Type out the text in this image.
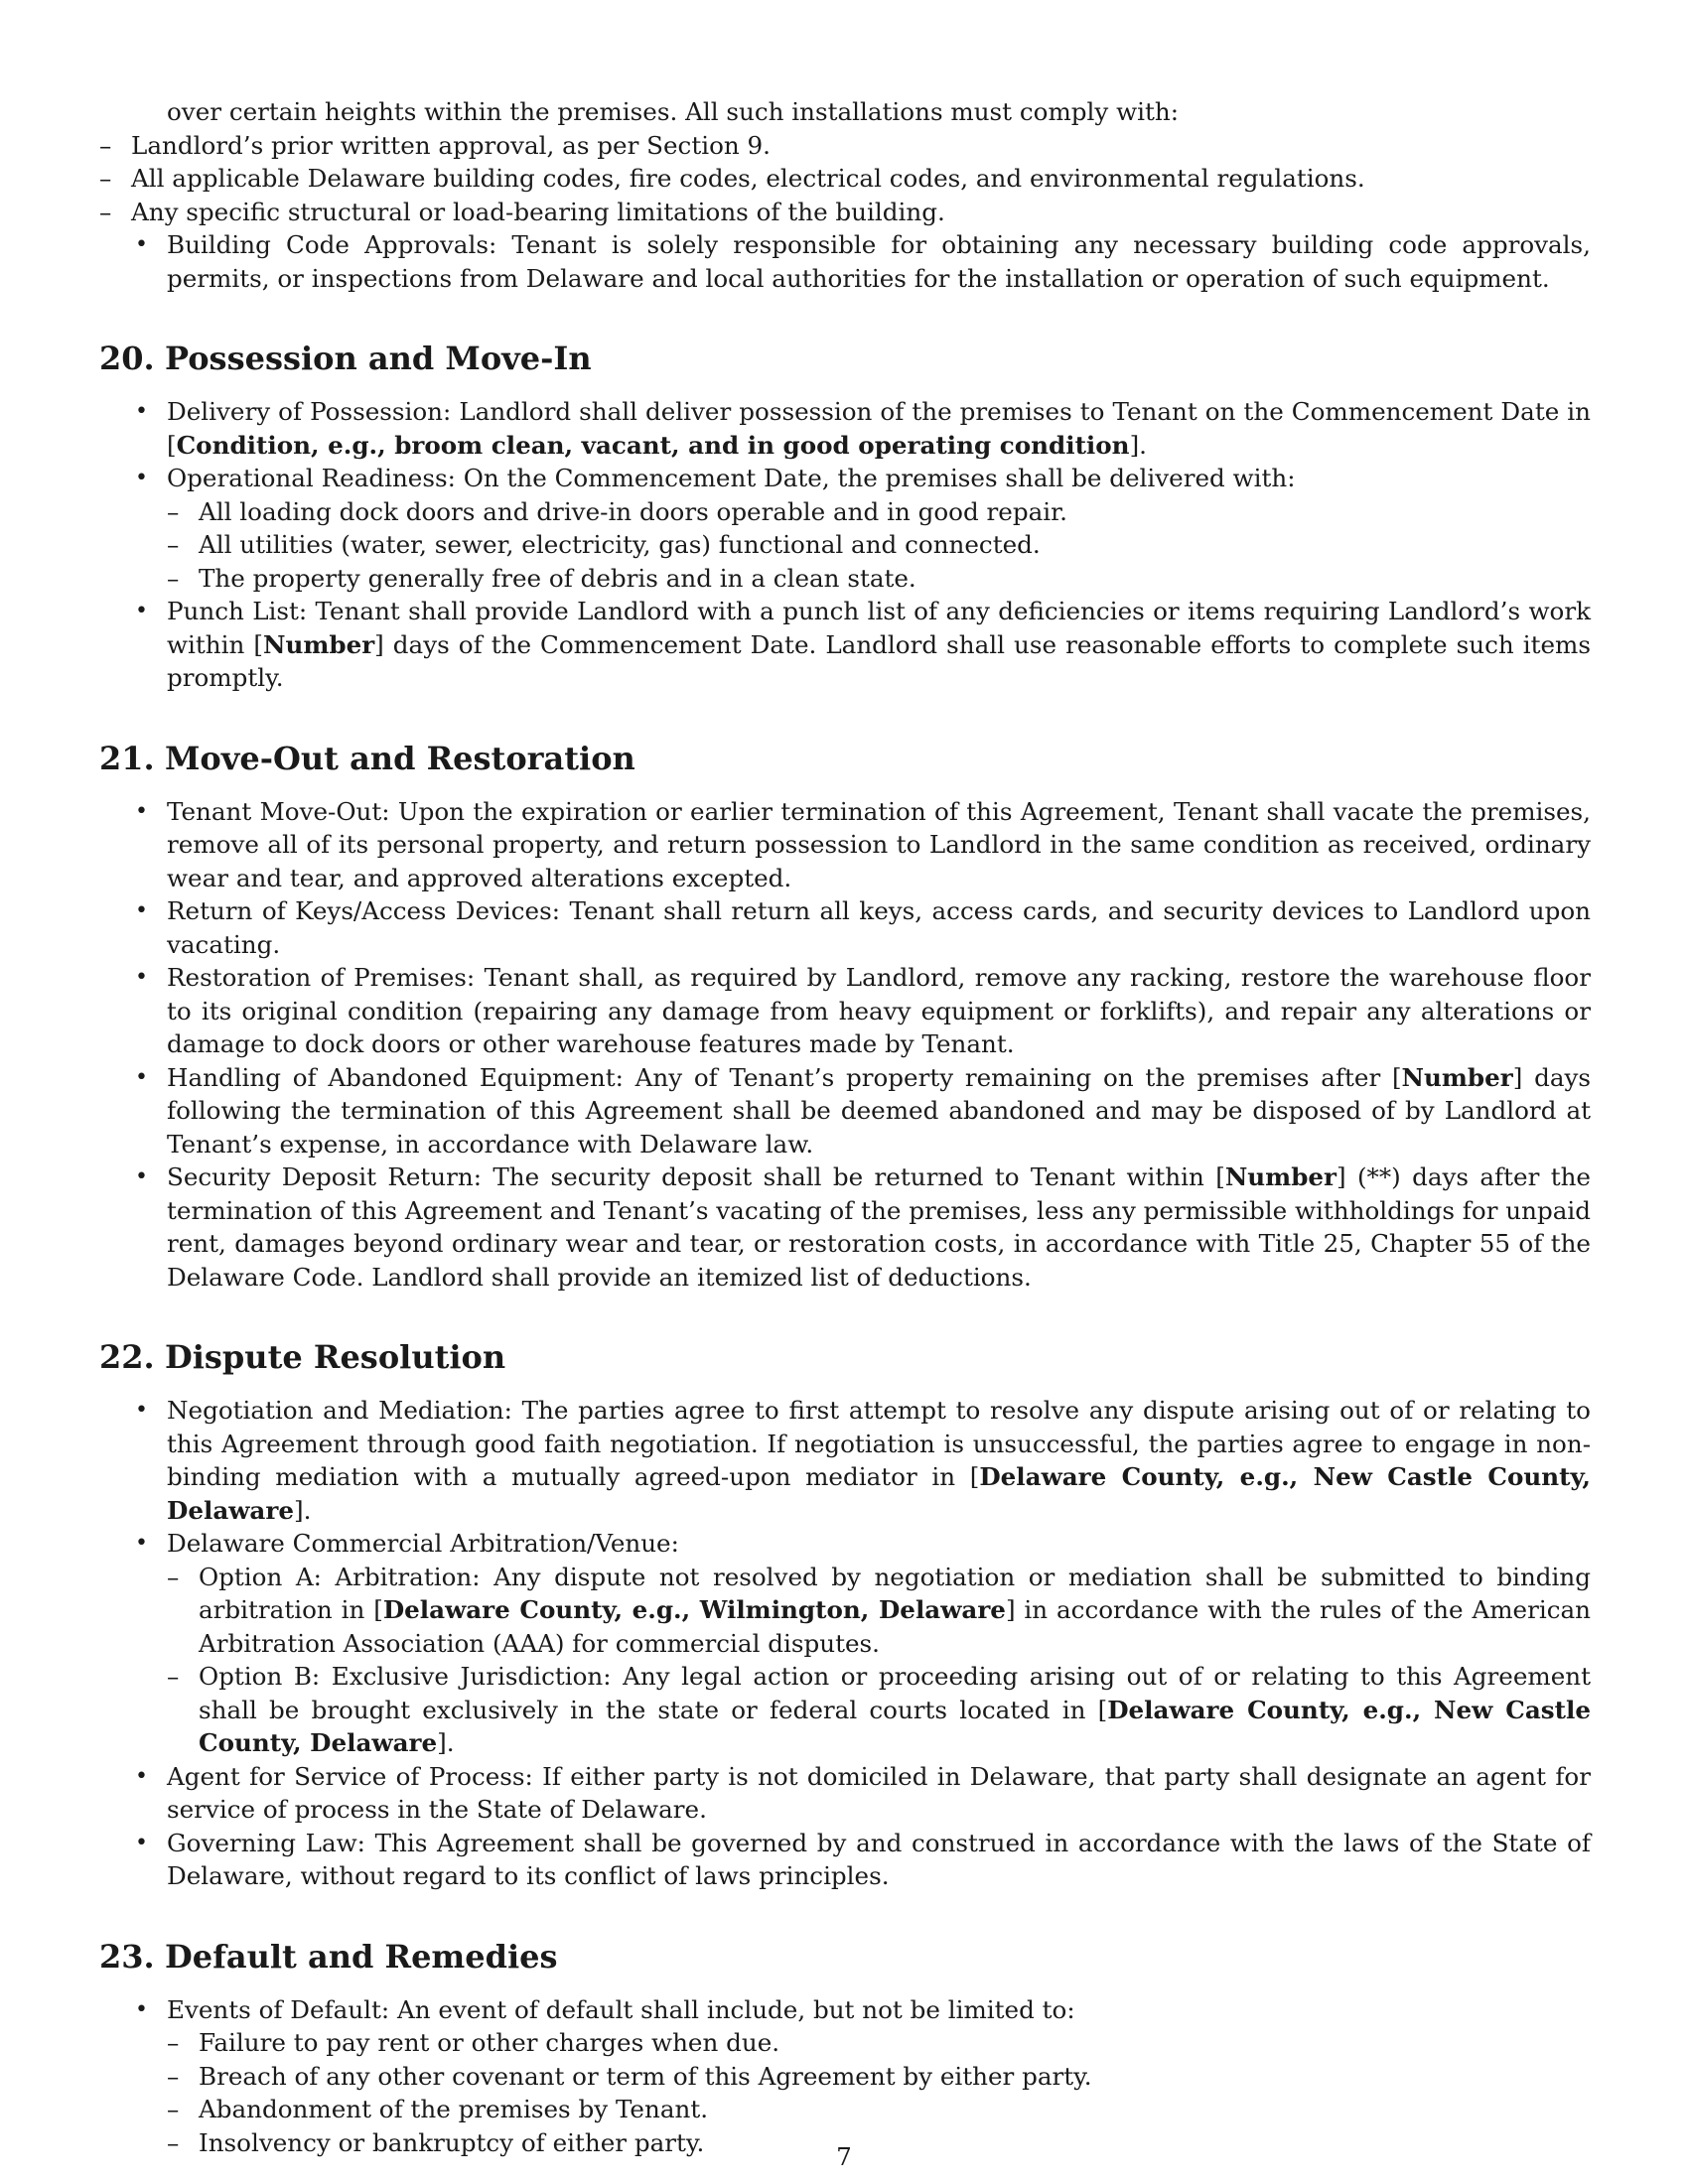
over certain heights within the premises. All such installations must comply with:
– Landlord’s prior written approval, as per Section 9.
– All applicable Delaware building codes, fire codes, electrical codes, and environmental regulations.
– Any specific structural or load-bearing limitations of the building.
• Building Code Approvals: Tenant is solely responsible for obtaining any necessary building code approvals, permits, or inspections from Delaware and local authorities for the installation or operation of such equipment.
20. Possession and Move-In
• Delivery of Possession: Landlord shall deliver possession of the premises to Tenant on the Commencement Date in [Condition, e.g., broom clean, vacant, and in good operating condition].
• Operational Readiness: On the Commencement Date, the premises shall be delivered with:
– All loading dock doors and drive-in doors operable and in good repair.
– All utilities (water, sewer, electricity, gas) functional and connected.
– The property generally free of debris and in a clean state.
• Punch List: Tenant shall provide Landlord with a punch list of any deficiencies or items requiring Landlord’s work within [Number] days of the Commencement Date. Landlord shall use reasonable efforts to complete such items promptly.
21. Move-Out and Restoration
• Tenant Move-Out: Upon the expiration or earlier termination of this Agreement, Tenant shall vacate the premises, remove all of its personal property, and return possession to Landlord in the same condition as received, ordinary wear and tear, and approved alterations excepted.
• Return of Keys/Access Devices: Tenant shall return all keys, access cards, and security devices to Landlord upon vacating.
• Restoration of Premises: Tenant shall, as required by Landlord, remove any racking, restore the warehouse floor to its original condition (repairing any damage from heavy equipment or forklifts), and repair any alterations or damage to dock doors or other warehouse features made by Tenant.
• Handling of Abandoned Equipment: Any of Tenant’s property remaining on the premises after [Number] days following the termination of this Agreement shall be deemed abandoned and may be disposed of by Landlord at Tenant’s expense, in accordance with Delaware law.
• Security Deposit Return: The security deposit shall be returned to Tenant within [Number] (**) days after the termination of this Agreement and Tenant’s vacating of the premises, less any permissible withholdings for unpaid rent, damages beyond ordinary wear and tear, or restoration costs, in accordance with Title 25, Chapter 55 of the Delaware Code. Landlord shall provide an itemized list of deductions.
22. Dispute Resolution
• Negotiation and Mediation: The parties agree to first attempt to resolve any dispute arising out of or relating to this Agreement through good faith negotiation. If negotiation is unsuccessful, the parties agree to engage in non-binding mediation with a mutually agreed-upon mediator in [Delaware County, e.g., New Castle County, Delaware].
• Delaware Commercial Arbitration/Venue:
– Option A: Arbitration: Any dispute not resolved by negotiation or mediation shall be submitted to binding arbitration in [Delaware County, e.g., Wilmington, Delaware] in accordance with the rules of the American Arbitration Association (AAA) for commercial disputes.
– Option B: Exclusive Jurisdiction: Any legal action or proceeding arising out of or relating to this Agreement shall be brought exclusively in the state or federal courts located in [Delaware County, e.g., New Castle County, Delaware].
• Agent for Service of Process: If either party is not domiciled in Delaware, that party shall designate an agent for service of process in the State of Delaware.
• Governing Law: This Agreement shall be governed by and construed in accordance with the laws of the State of Delaware, without regard to its conflict of laws principles.
23. Default and Remedies
• Events of Default: An event of default shall include, but not be limited to:
– Failure to pay rent or other charges when due.
– Breach of any other covenant or term of this Agreement by either party.
– Abandonment of the premises by Tenant.
– Insolvency or bankruptcy of either party.	7
